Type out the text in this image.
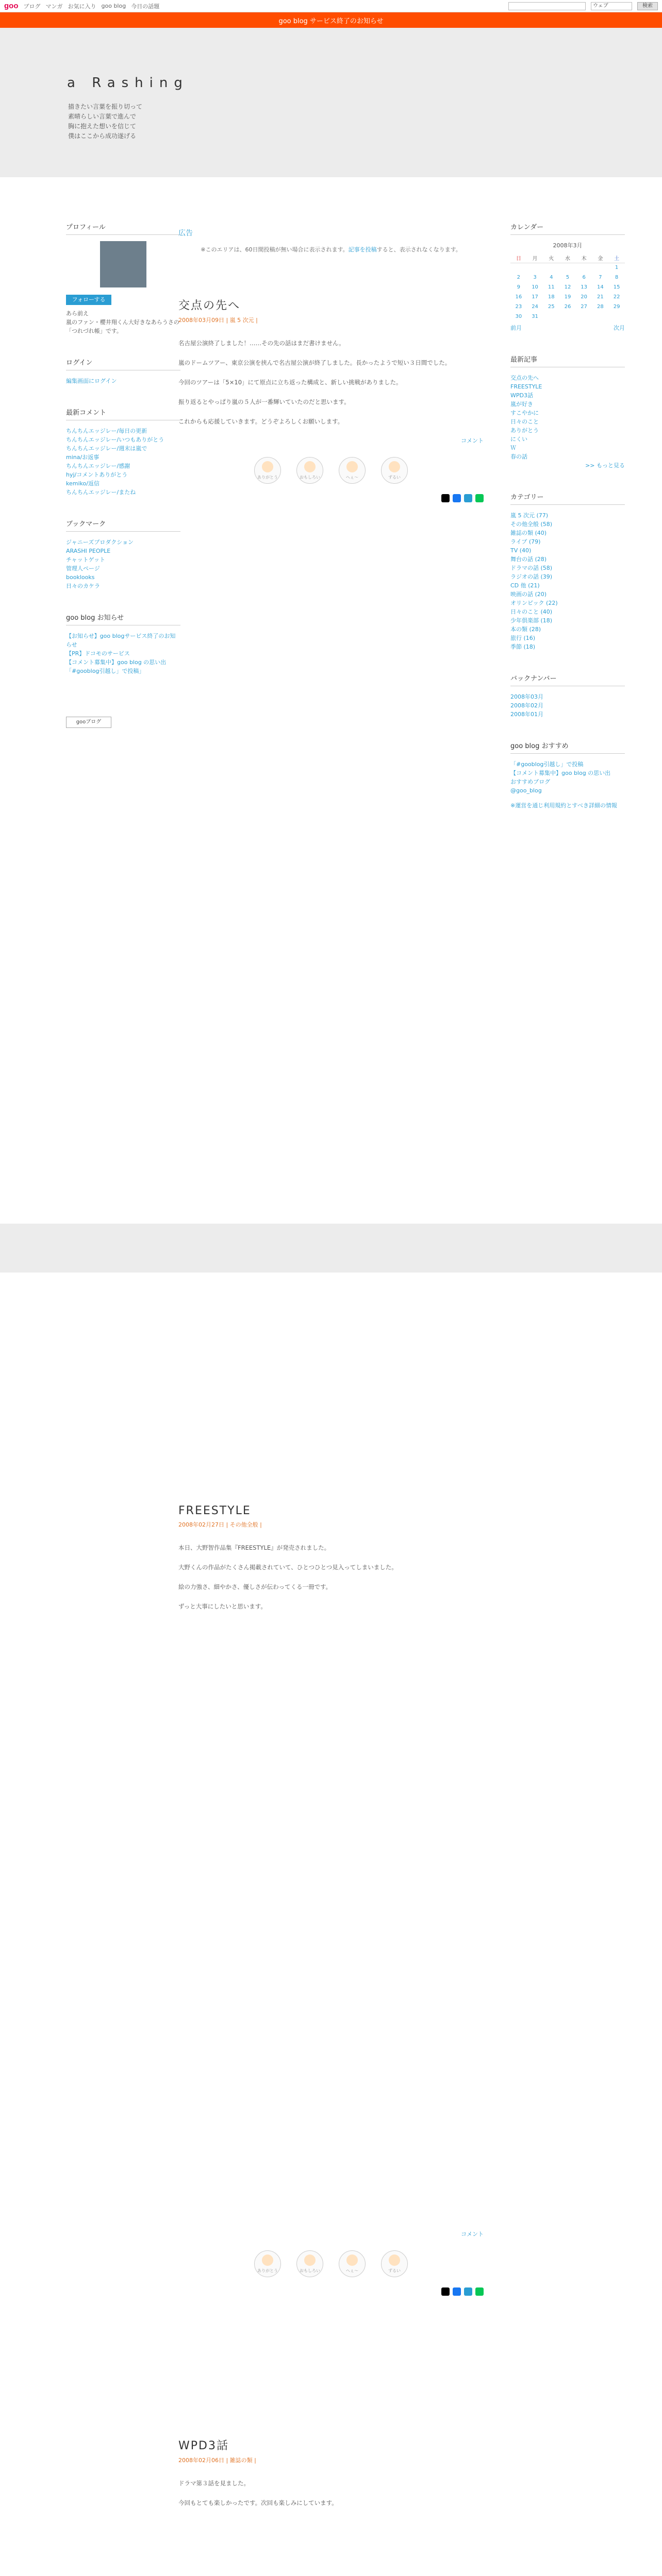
goo ブログ マンガ お気に入り goo blog 今日の話題	ウェブ	検索
goo blog サービス終了のお知らせ
a Rashing
描きたい言葉を振り切って
素晴らしい言葉で進んで
胸に抱えた想いを信じて
僕はここから成功遂げる
プロフィール
フォローする
あら前え
嵐のファン・櫻井翔くん大好きなあらうさの「つれづれ帳」です。
ログイン
編集画面にログイン
最新コメント
ちんちんエッジレー/毎日の更新
ちんちんエッジレー/いつもありがとう
ちんちんエッジレー/週末は嵐で
mina/お返事
ちんちんエッジレー/感謝
hyj/コメントありがとう
kemiko/返信
ちんちんエッジレー/またね
ブックマーク
ジャニーズプロダクション
ARASHI PEOPLE
チャットゲット
管理人ページ
booklooks
日々のカケラ
goo blog お知らせ
【お知らせ】goo blogサービス終了のお知らせ
【PR】ドコモのサービス
【コメント募集中】goo blog の思い出
「#gooblog引越し」で投稿」
gooブログ
広告
※このエリアは、60日間投稿が無い場合に表示されます。記事を投稿すると、表示されなくなります。
交点の先へ
2008年03月09日 | 嵐 5 次元 |

名古屋公演終了しました！……その先の話はまだ書けません。

嵐のドームツアー、東京公演を挟んで名古屋公演が終了しました。長かったようで短い３日間でした。

今回のツアーは「5×10」にて原点に立ち返った構成と、新しい挑戦がありました。

振り返るとやっぱり嵐の５人が一番輝いていたのだと思います。

これからも応援していきます。どうぞよろしくお願いします。

コメント
ありがとう	おもしろい	へぇ〜	ずるい
FREESTYLE
2008年02月27日 | その他全般 |

本日、大野智作品集『FREESTYLE』が発売されました。

大野くんの作品がたくさん掲載されていて、ひとつひとつ見入ってしまいました。

絵の力強さ、細やかさ、優しさが伝わってくる一冊です。

ずっと大事にしたいと思います。

コメント
ありがとう	おもしろい	へぇ〜	ずるい
WPD3話
2008年02月06日 | 雑誌の類 |

ドラマ第３話を見ました。

今回もとても楽しかったです。次回も楽しみにしています。

カレンダー
2008年3月
日	月	火	水	木	金	土
						1
2	3	4	5	6	7	8
9	10	11	12	13	14	15
16	17	18	19	20	21	22
23	24	25	26	27	28	29
30	31					
前月	次月
最新記事
交点の先へ
FREESTYLE
WPD3話
嵐が好き
すこやかに
日々のこと
ありがとう
にくい
Ｗ
春の話
>> もっと見る
カテゴリー
嵐 5 次元 (77)
その他全般 (58)
雑誌の類 (40)
ライブ (79)
TV (40)
舞台の話 (28)
ドラマの話 (58)
ラジオの話 (39)
CD 他 (21)
映画の話 (20)
オリンピック (22)
日々のこと (40)
少年倶楽部 (18)
本の類 (28)
旅行 (16)
季節 (18)
バックナンバー
2008年03月
2008年02月
2008年01月
goo blog おすすめ
「#gooblog引越し」で投稿
【コメント募集中】goo blog の思い出
おすすめブログ
@goo_blog
※運営を通じ利用規約とすべき詳細の情報
